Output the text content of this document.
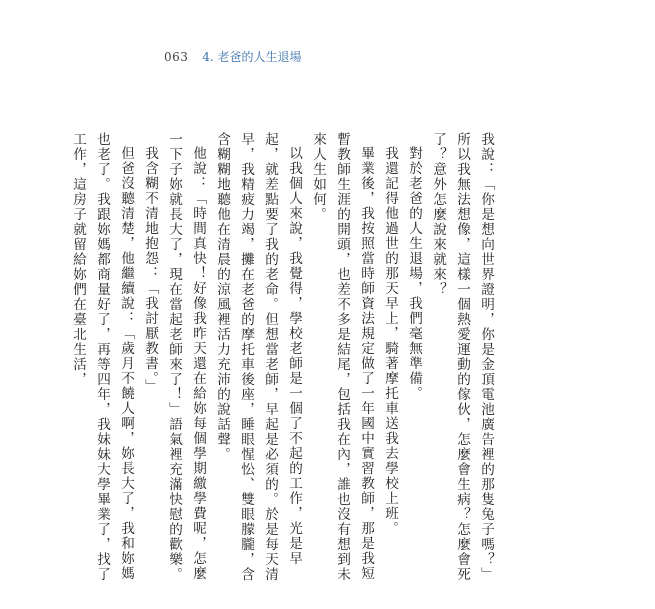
063 4. 老爸的人生退場

我說：「你是想向世界證明，你是金頂電池廣告裡的那隻兔子嗎？」所以我無法想像，這樣一個熱愛運動的傢伙，怎麼會生病？怎麼會死了？意外怎麼說來就來？

對於老爸的人生退場，我們毫無準備。

我還記得他過世的那天早上，騎著摩托車送我去學校上班。

畢業後，我按照當時師資法規定做了一年國中實習教師，那是我短暫教師生涯的開頭，也差不多是結尾，包括我在內，誰也沒有想到未來人生如何。

以我個人來說，我覺得，學校老師是一個了不起的工作，光是早起，就差點要了我的老命。但想當老師，早起是必須的。於是每天清早，我精疲力竭，攤在老爸的摩托車後座，睡眼惺忪、雙眼朦朧，含含糊糊地聽他在清晨的涼風裡活力充沛的說話聲。

他說：「時間真快！好像我昨天還在給妳每個學期繳學費呢，怎麼一下子妳就長大了，現在當起老師來了！」語氣裡充滿快慰的歡樂。

我含糊不清地抱怨：「我討厭教書。」

但爸沒聽清楚，他繼續說：「歲月不饒人啊，妳長大了，我和妳媽也老了。我跟妳媽都商量好了，再等四年，我妹妹大學畢業了，找了工作，這房子就留給妳們在臺北生活，
